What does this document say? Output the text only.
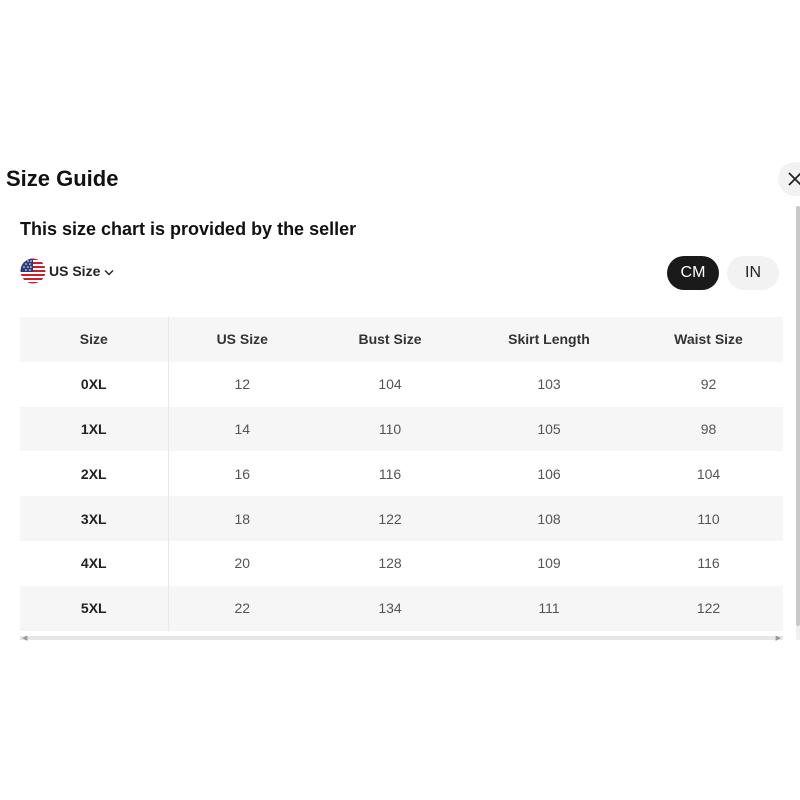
Size Guide
This size chart is provided by the seller
US Size	CM	IN
Size	US Size	Bust Size	Skirt Length	Waist Size
0XL	12	104	103	92
1XL	14	110	105	98
2XL	16	116	106	104
3XL	18	122	108	110
4XL	20	128	109	116
5XL	22	134	111	122
◀	▶
